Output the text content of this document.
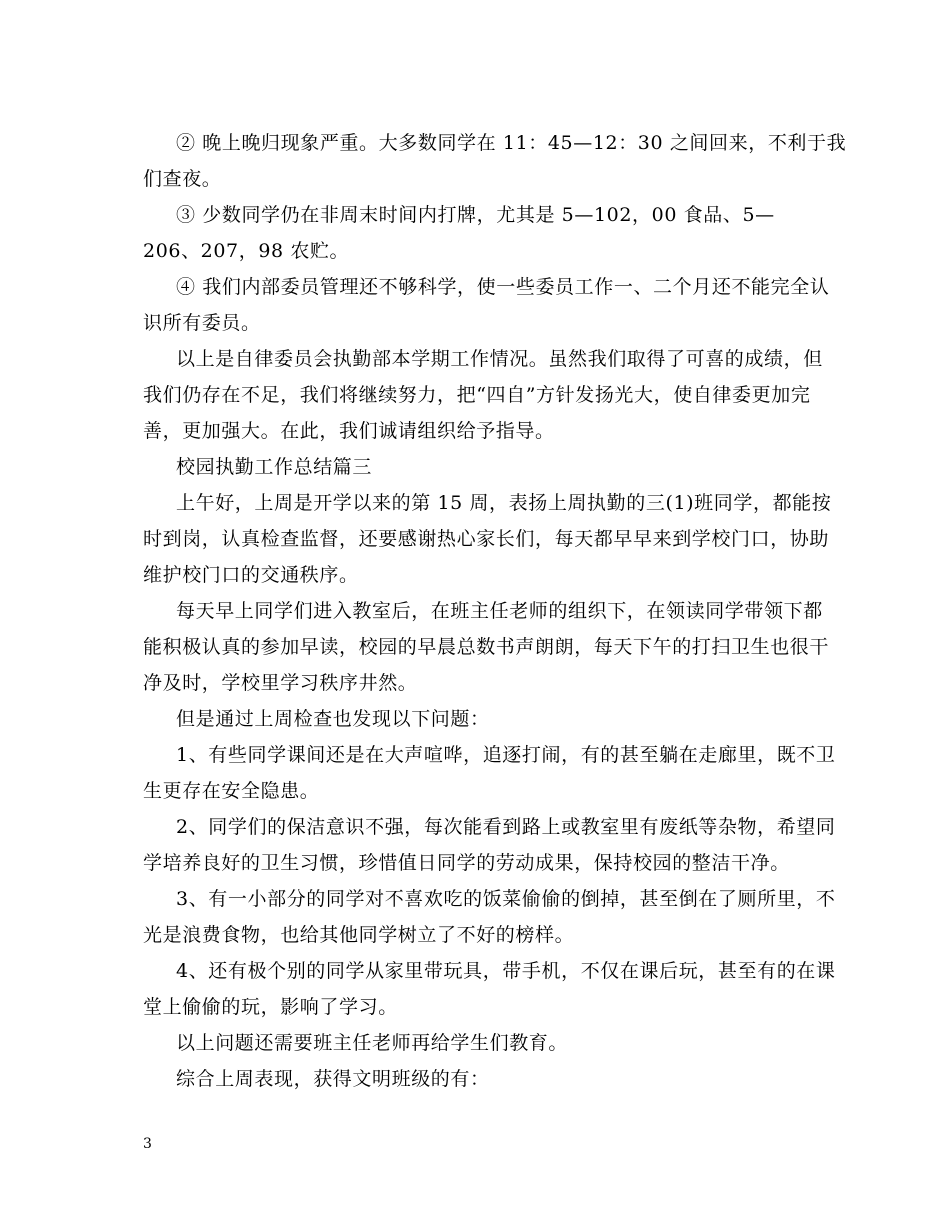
② 晚上晚归现象严重。大多数同学在 11：45—12：30 之间回来，不利于我
们查夜。
③ 少数同学仍在非周末时间内打牌，尤其是 5—102，00 食品、5—
206、207，98 农贮。
④ 我们内部委员管理还不够科学，使一些委员工作一、二个月还不能完全认
识所有委员。
以上是自律委员会执勤部本学期工作情况。虽然我们取得了可喜的成绩，但
我们仍存在不足，我们将继续努力，把“四自”方针发扬光大，使自律委更加完
善，更加强大。在此，我们诚请组织给予指导。
校园执勤工作总结篇三
上午好，上周是开学以来的第 15 周，表扬上周执勤的三(1)班同学，都能按
时到岗，认真检查监督，还要感谢热心家长们，每天都早早来到学校门口，协助
维护校门口的交通秩序。
每天早上同学们进入教室后，在班主任老师的组织下，在领读同学带领下都
能积极认真的参加早读，校园的早晨总数书声朗朗，每天下午的打扫卫生也很干
净及时，学校里学习秩序井然。
但是通过上周检查也发现以下问题：
1、有些同学课间还是在大声喧哗，追逐打闹，有的甚至躺在走廊里，既不卫
生更存在安全隐患。
2、同学们的保洁意识不强，每次能看到路上或教室里有废纸等杂物，希望同
学培养良好的卫生习惯，珍惜值日同学的劳动成果，保持校园的整洁干净。
3、有一小部分的同学对不喜欢吃的饭菜偷偷的倒掉，甚至倒在了厕所里，不
光是浪费食物，也给其他同学树立了不好的榜样。
4、还有极个别的同学从家里带玩具，带手机，不仅在课后玩，甚至有的在课
堂上偷偷的玩，影响了学习。
以上问题还需要班主任老师再给学生们教育。
综合上周表现，获得文明班级的有：
3
